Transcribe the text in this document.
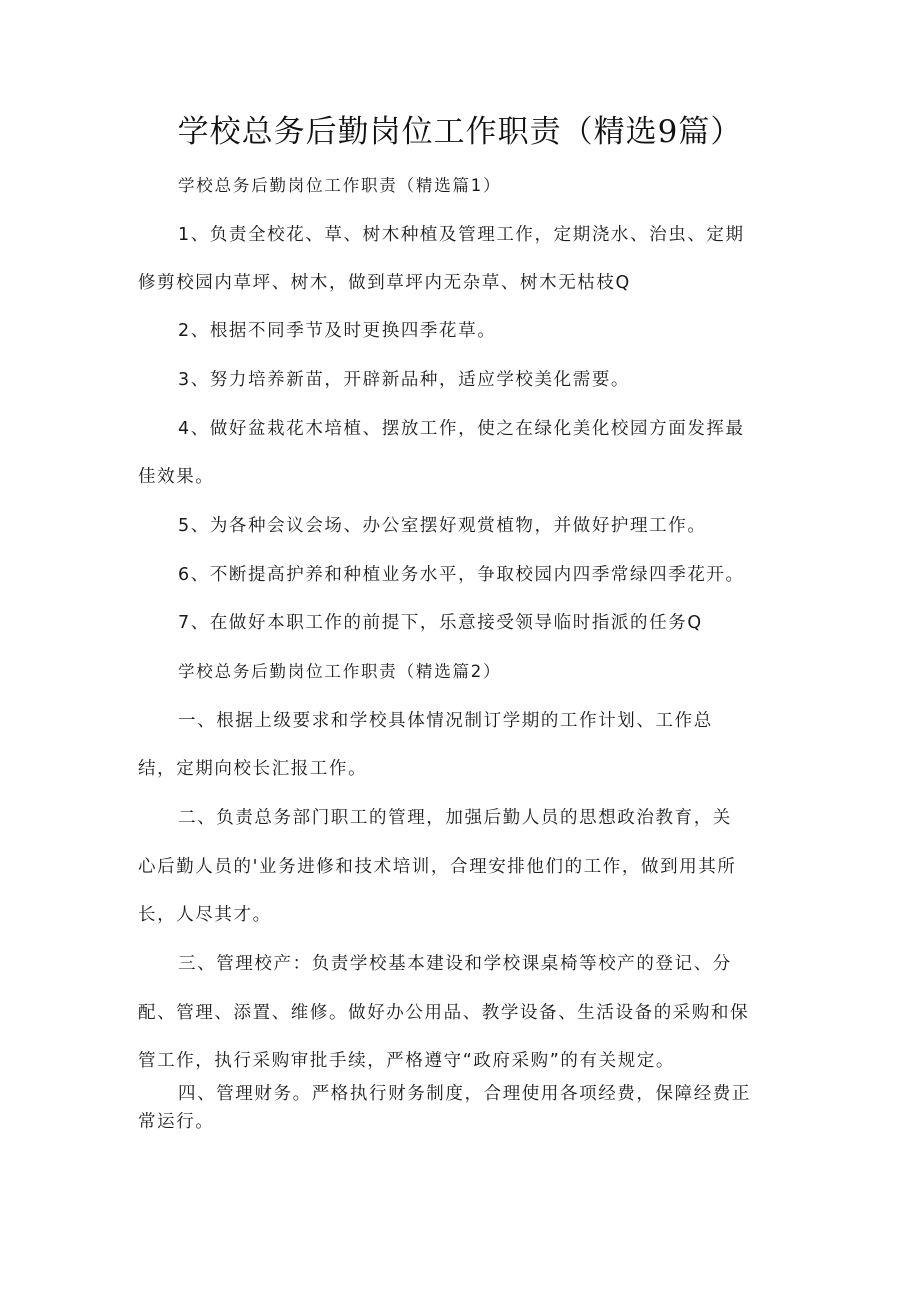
学校总务后勤岗位工作职责（精选9篇）
学校总务后勤岗位工作职责（精选篇1）
1、负责全校花、草、树木种植及管理工作，定期浇水、治虫、定期
修剪校园内草坪、树木，做到草坪内无杂草、树木无枯枝Q
2、根据不同季节及时更换四季花草。
3、努力培养新苗，开辟新品种，适应学校美化需要。
4、做好盆栽花木培植、摆放工作，使之在绿化美化校园方面发挥最
佳效果。
5、为各种会议会场、办公室摆好观赏植物，并做好护理工作。
6、不断提高护养和种植业务水平，争取校园内四季常绿四季花开。
7、在做好本职工作的前提下，乐意接受领导临时指派的任务Q
学校总务后勤岗位工作职责（精选篇2）
一、根据上级要求和学校具体情况制订学期的工作计划、工作总
结，定期向校长汇报工作。
二、负责总务部门职工的管理，加强后勤人员的思想政治教育，关
心后勤人员的'业务进修和技术培训，合理安排他们的工作，做到用其所
长，人尽其才。
三、管理校产：负责学校基本建设和学校课桌椅等校产的登记、分
配、管理、添置、维修。做好办公用品、教学设备、生活设备的采购和保
管工作，执行采购审批手续，严格遵守“政府采购”的有关规定。
四、管理财务。严格执行财务制度，合理使用各项经费，保障经费正
常运行。
